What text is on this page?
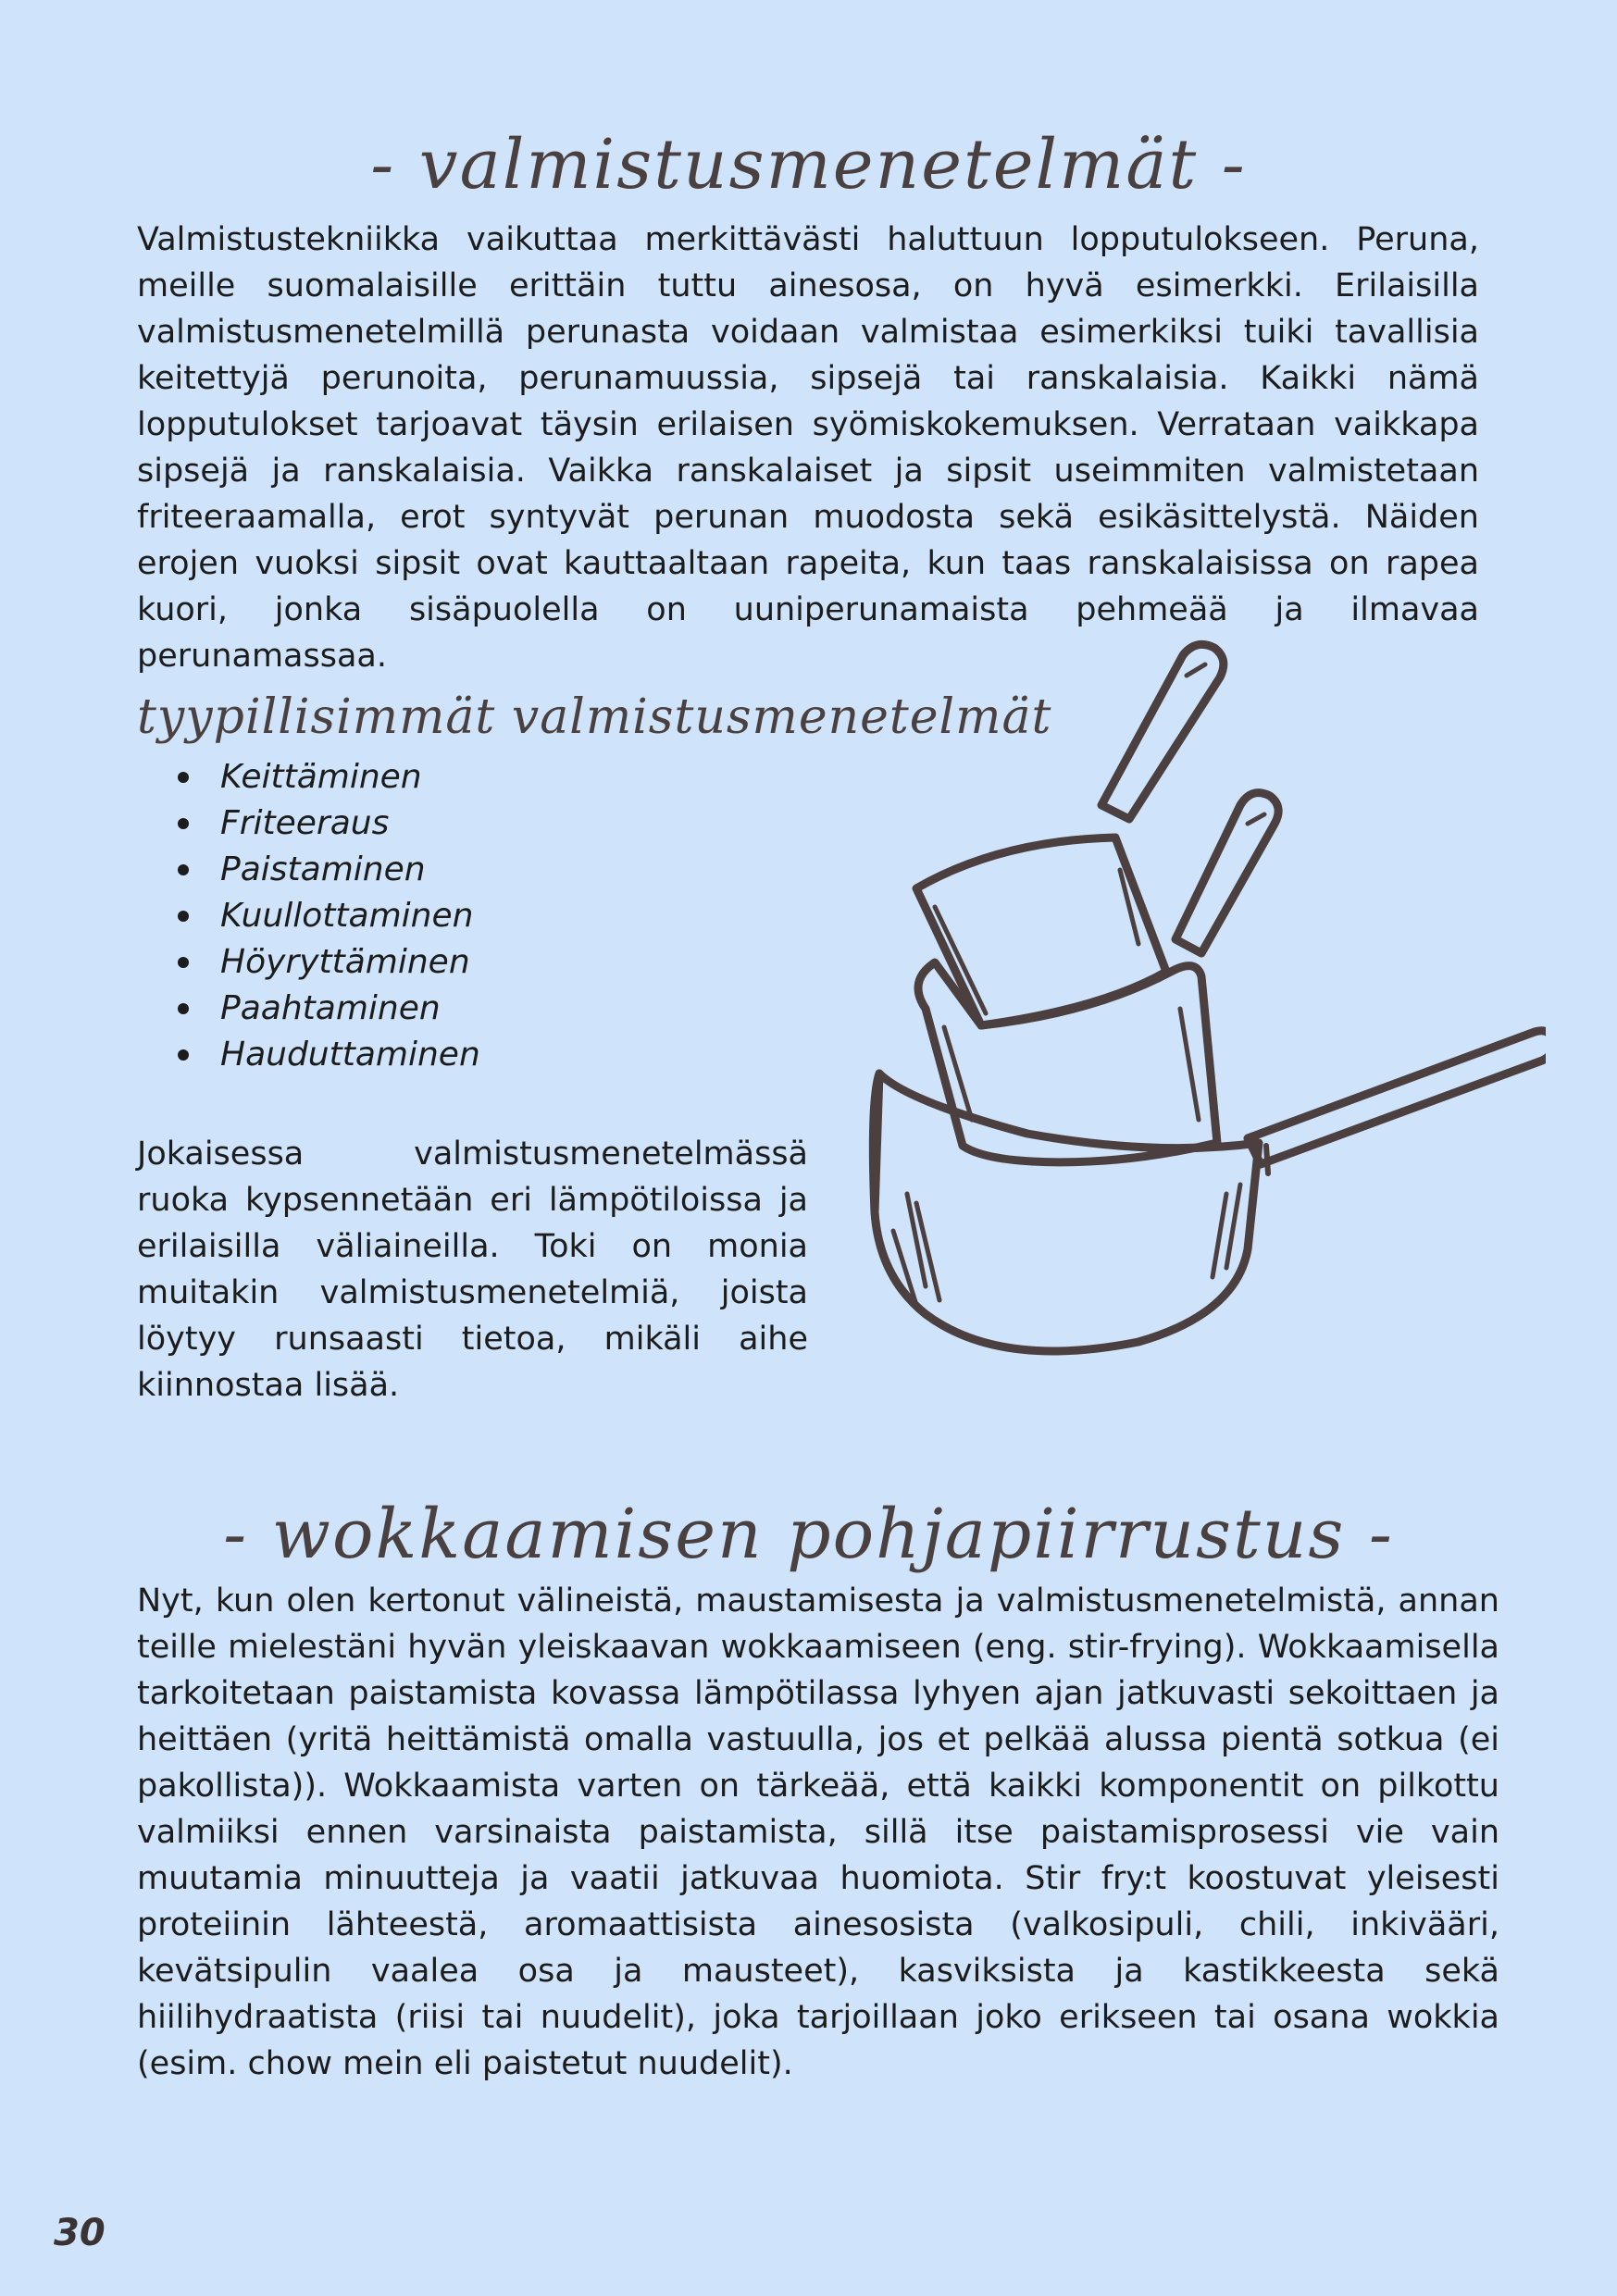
- valmistusmenetelmät -

Valmistustekniikka vaikuttaa merkittävästi haluttuun lopputulokseen. Peruna, meille suomalaisille erittäin tuttu ainesosa, on hyvä esimerkki. Erilaisilla valmistusmenetelmillä perunasta voidaan valmistaa esimerkiksi tuiki tavallisia keitettyjä perunoita, perunamuussia, sipsejä tai ranskalaisia. Kaikki nämä lopputulokset tarjoavat täysin erilaisen syömiskokemuksen. Verrataan vaikkapa sipsejä ja ranskalaisia. Vaikka ranskalaiset ja sipsit useimmiten valmistetaan friteeraamalla, erot syntyvät perunan muodosta sekä esikäsittelystä. Näiden erojen vuoksi sipsit ovat kauttaaltaan rapeita, kun taas ranskalaisissa on rapea kuori, jonka sisäpuolella on uuniperunamaista pehmeää ja ilmavaa perunamassaa.

tyypillisimmät valmistusmenetelmät
Keittäminen
Friteeraus
Paistaminen
Kuullottaminen
Höyryttäminen
Paahtaminen
Hauduttaminen

Jokaisessa valmistusmenetelmässä ruoka kypsennetään eri lämpötiloissa ja erilaisilla väliaineilla. Toki on monia muitakin valmistusmenetelmiä, joista löytyy runsaasti tietoa, mikäli aihe kiinnostaa lisää.

- wokkaamisen pohjapiirrustus -

Nyt, kun olen kertonut välineistä, maustamisesta ja valmistusmenetelmistä, annan teille mielestäni hyvän yleiskaavan wokkaamiseen (eng. stir-frying). Wokkaamisella tarkoitetaan paistamista kovassa lämpötilassa lyhyen ajan jatkuvasti sekoittaen ja heittäen (yritä heittämistä omalla vastuulla, jos et pelkää alussa pientä sotkua (ei pakollista)). Wokkaamista varten on tärkeää, että kaikki komponentit on pilkottu valmiiksi ennen varsinaista paistamista, sillä itse paistamisprosessi vie vain muutamia minuutteja ja vaatii jatkuvaa huomiota. Stir fry:t koostuvat yleisesti proteiinin lähteestä, aromaattisista ainesosista (valkosipuli, chili, inkivääri, kevätsipulin vaalea osa ja mausteet), kasviksista ja kastikkeesta sekä hiilihydraatista (riisi tai nuudelit), joka tarjoillaan joko erikseen tai osana wokkia (esim. chow mein eli paistetut nuudelit).

30
